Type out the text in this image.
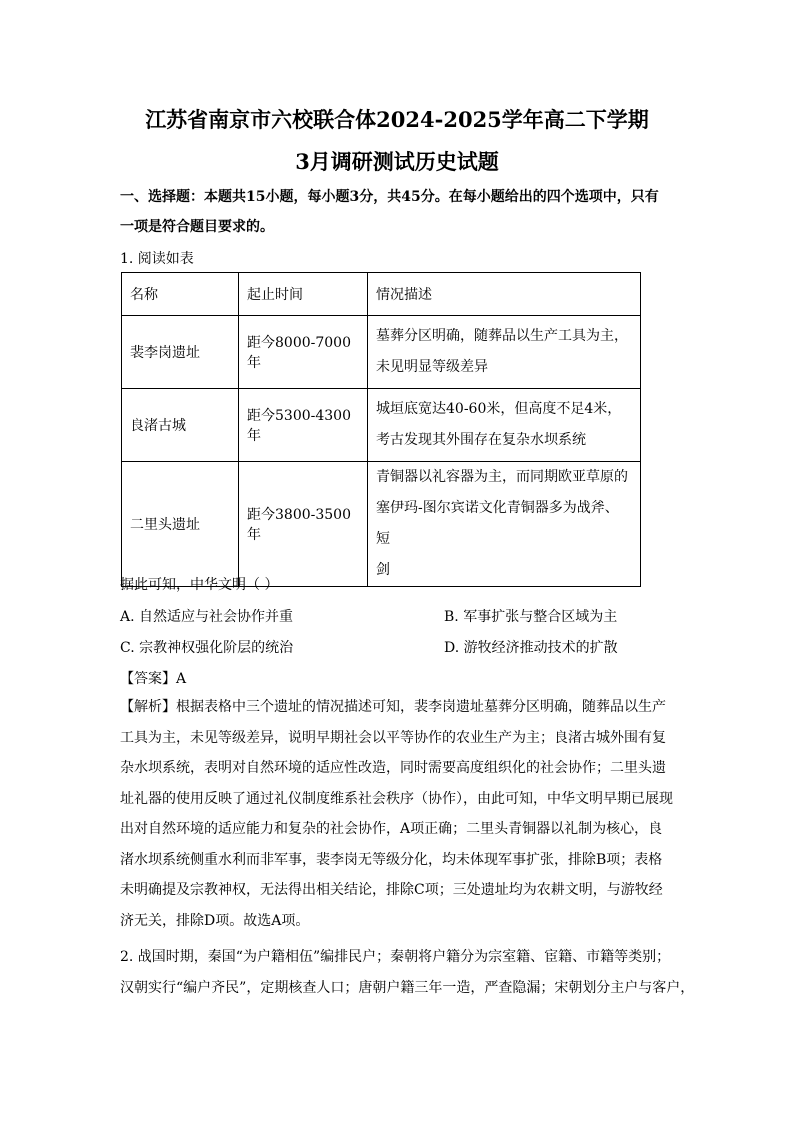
江苏省南京市六校联合体2024-2025学年高二下学期
3月调研测试历史试题
一、选择题：本题共15小题，每小题3分，共45分。在每小题给出的四个选项中，只有
一项是符合题目要求的。
1. 阅读如表
名称	起止时间	情况描述
裴李岗遗址	距今8000-7000年	墓葬分区明确，随葬品以生产工具为主，
未见明显等级差异

良渚古城	距今5300-4300年	城垣底宽达40-60米，但高度不足4米，
考古发现其外围存在复杂水坝系统

二里头遗址	距今3800-3500年	青铜器以礼容器为主，而同期欧亚草原的
塞伊玛-图尔宾诺文化青铜器多为战斧、短
剑
据此可知，中华文明（ ）
A. 自然适应与社会协作并重	B. 军事扩张与整合区域为主
C. 宗教神权强化阶层的统治	D. 游牧经济推动技术的扩散
【答案】A
【解析】根据表格中三个遗址的情况描述可知，裴李岗遗址墓葬分区明确，随葬品以生产
工具为主，未见等级差异，说明早期社会以平等协作的农业生产为主；良渚古城外围有复
杂水坝系统，表明对自然环境的适应性改造，同时需要高度组织化的社会协作；二里头遗
址礼器的使用反映了通过礼仪制度维系社会秩序（协作），由此可知，中华文明早期已展现
出对自然环境的适应能力和复杂的社会协作，A项正确；二里头青铜器以礼制为核心，良
渚水坝系统侧重水利而非军事，裴李岗无等级分化，均未体现军事扩张，排除B项；表格
未明确提及宗教神权，无法得出相关结论，排除C项；三处遗址均为农耕文明，与游牧经
济无关，排除D项。故选A项。
2. 战国时期，秦国“为户籍相伍”编排民户；秦朝将户籍分为宗室籍、宦籍、市籍等类别；
汉朝实行“编户齐民”，定期核查人口；唐朝户籍三年一造，严查隐漏；宋朝划分主户与客户，
